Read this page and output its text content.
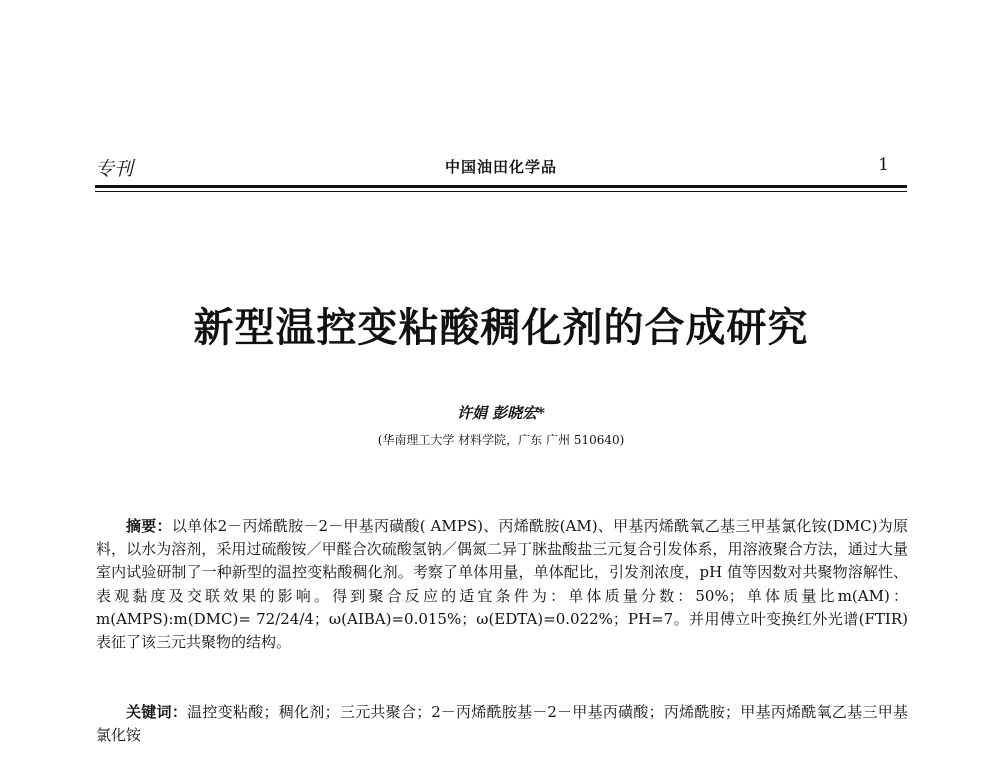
专刊	中国油田化学品	1
新型温控变粘酸稠化剂的合成研究
许娟 彭晓宏*
(华南理工大学 材料学院，广东 广州 510640)

摘要：以单体2－丙烯酰胺－2－甲基丙磺酸( AMPS)、丙烯酰胺(AM)、甲基丙烯酰氧乙基三甲基氯化铵(DMC)为原料，以水为溶剂，采用过硫酸铵／甲醛合次硫酸氢钠／偶氮二异丁脒盐酸盐三元复合引发体系，用溶液聚合方法，通过大量室内试验研制了一种新型的温控变粘酸稠化剂。考察了单体用量，单体配比，引发剂浓度，pH 值等因数对共聚物溶解性、表观黏度及交联效果的影响。得到聚合反应的适宜条件为：单体质量分数：50%；单体质量比m(AM)：m(AMPS):m(DMC)= 72/24/4；ω(AIBA)=0.015%；ω(EDTA)=0.022%；PH=7。并用傅立叶变换红外光谱(FTIR)表征了该三元共聚物的结构。

关键词：温控变粘酸；稠化剂；三元共聚合；2－丙烯酰胺基－2－甲基丙磺酸；丙烯酰胺；甲基丙烯酰氧乙基三甲基氯化铵
